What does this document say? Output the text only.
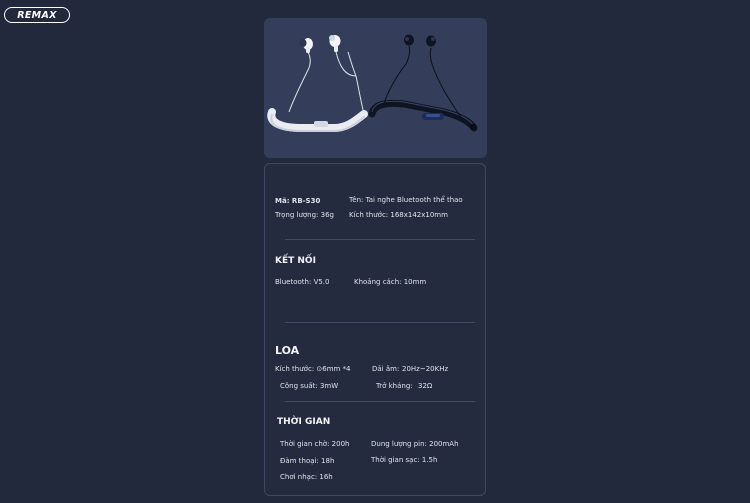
REMAX
Mã: RB-S30	Tên: Tai nghe Bluetooth thể thao
Trọng lượng: 36g Kích thước: 168x142x10mm
KẾT NỐI
Bluetooth: V5.0	Khoảng cách: 10mm
LOA
Kích thước: ⊙6mm *4	Dải âm: 20Hz~20KHz
Công suất: 3mW	Trở kháng: 32Ω
THỜI GIAN
Thời gian chờ: 200h	Dung lượng pin: 200mAh
Đàm thoại: 18h	Thời gian sạc: 1.5h
Chơi nhạc: 16h
